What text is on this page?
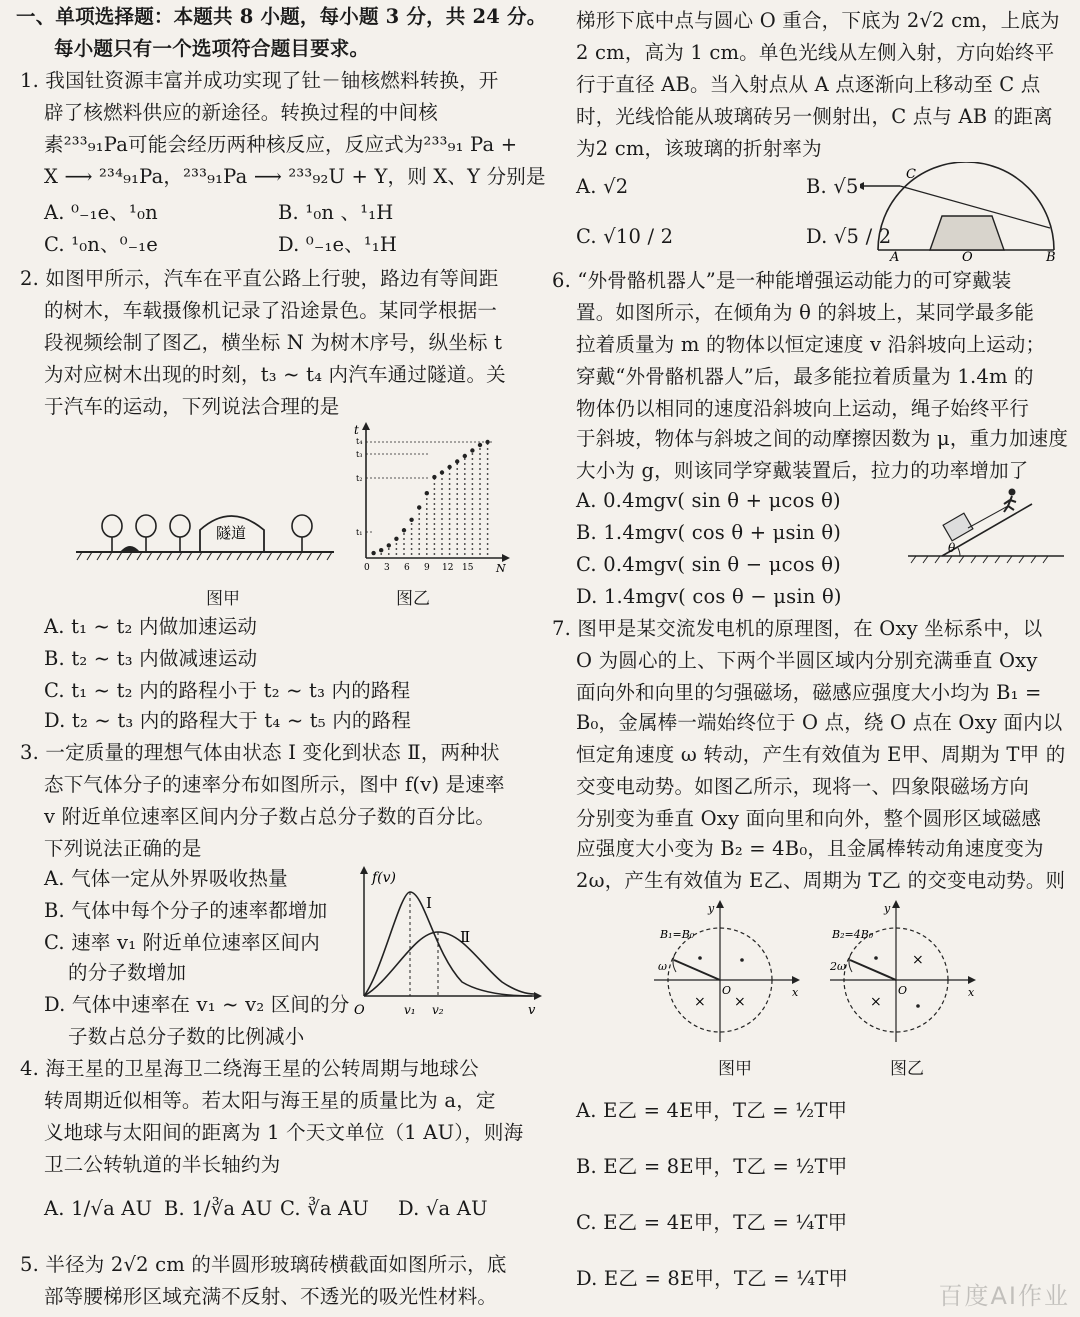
一、单项选择题：本题共 8 小题，每小题 3 分，共 24 分。
每小题只有一个选项符合题目要求。
1. 我国钍资源丰富并成功实现了钍－铀核燃料转换，开
辟了核燃料供应的新途径。转换过程的中间核
素²³³₉₁Pa可能会经历两种核反应，反应式为²³³₉₁ Pa +
X ⟶ ²³⁴₉₁Pa，²³³₉₁Pa ⟶ ²³³₉₂U + Y，则 X、Y 分别是
A. ⁰₋₁e、¹₀n	B. ¹₀n 、¹₁H
C. ¹₀n、⁰₋₁e	D. ⁰₋₁e、¹₁H
2. 如图甲所示，汽车在平直公路上行驶，路边有等间距
的树木，车载摄像机记录了沿途景色。某同学根据一
段视频绘制了图乙，横坐标 N 为树木序号，纵坐标 t
为对应树木出现的时刻，t₃ ~ t₄ 内汽车通过隧道。关
于汽车的运动，下列说法合理的是
隧道
t
N
t₄
t₃
t₂
t₁
0 3 6 9 12 15
图甲	图乙
A. t₁ ~ t₂ 内做加速运动
B. t₂ ~ t₃ 内做减速运动
C. t₁ ~ t₂ 内的路程小于 t₂ ~ t₃ 内的路程
D. t₂ ~ t₃ 内的路程大于 t₄ ~ t₅ 内的路程
3. 一定质量的理想气体由状态 Ⅰ 变化到状态 Ⅱ，两种状
态下气体分子的速率分布如图所示，图中 f(v) 是速率
v 附近单位速率区间内分子数占总分子数的百分比。
下列说法正确的是
A. 气体一定从外界吸收热量
B. 气体中每个分子的速率都增加
C. 速率 v₁ 附近单位速率区间内
的分子数增加
D. 气体中速率在 v₁ ~ v₂ 区间的分
子数占总分子数的比例减小
f(v)
Ⅰ
Ⅱ
O	v₁ v₂	v
4. 海王星的卫星海卫二绕海王星的公转周期与地球公
转周期近似相等。若太阳与海王星的质量比为 a，定
义地球与太阳间的距离为 1 个天文单位（1 AU），则海
卫二公转轨道的半长轴约为
A. 1/√a AU B. 1/∛a AU C. ∛a AU D. √a AU
5. 半径为 2√2 cm 的半圆形玻璃砖横截面如图所示，底
部等腰梯形区域充满不反射、不透光的吸光性材料。
梯形下底中点与圆心 O 重合，下底为 2√2 cm，上底为
2 cm，高为 1 cm。单色光线从左侧入射，方向始终平
行于直径 AB。当入射点从 A 点逐渐向上移动至 C 点
时，光线恰能从玻璃砖另一侧射出，C 点与 AB 的距离
为2 cm，该玻璃的折射率为
A. √2	B. √5
C. √10 / 2	D. √5 / 2
C
A	O	B
6. “外骨骼机器人”是一种能增强运动能力的可穿戴装
置。如图所示，在倾角为 θ 的斜坡上，某同学最多能
拉着质量为 m 的物体以恒定速度 v 沿斜坡向上运动；
穿戴“外骨骼机器人”后，最多能拉着质量为 1.4m 的
物体仍以相同的速度沿斜坡向上运动，绳子始终平行
于斜坡，物体与斜坡之间的动摩擦因数为 μ，重力加速度
大小为 g，则该同学穿戴装置后，拉力的功率增加了
A. 0.4mgv( sin θ + μcos θ)
B. 1.4mgv( cos θ + μsin θ)
C. 0.4mgv( sin θ − μcos θ)
D. 1.4mgv( cos θ − μsin θ)
θ
7. 图甲是某交流发电机的原理图，在 Oxy 坐标系中，以
O 为圆心的上、下两个半圆区域内分别充满垂直 Oxy
面向外和向里的匀强磁场，磁感应强度大小均为 B₁ =
B₀，金属棒一端始终位于 O 点，绕 O 点在 Oxy 面内以
恒定角速度 ω 转动，产生有效值为 E甲、周期为 T甲 的
交变电动势。如图乙所示，现将一、四象限磁场方向
分别变为垂直 Oxy 面向里和向外，整个圆形区域磁感
应强度大小变为 B₂ = 4B₀，且金属棒转动角速度变为
2ω，产生有效值为 E乙、周期为 T乙 的交变电动势。则
× ×
B₁=B₀
ω
y
x
O
图甲
×
×
B₂=4B₀
2ω
y
x
O
图乙
A. E乙 = 4E甲，T乙 = ½T甲
B. E乙 = 8E甲，T乙 = ½T甲
C. E乙 = 4E甲，T乙 = ¼T甲
D. E乙 = 8E甲，T乙 = ¼T甲
百度AI作业
